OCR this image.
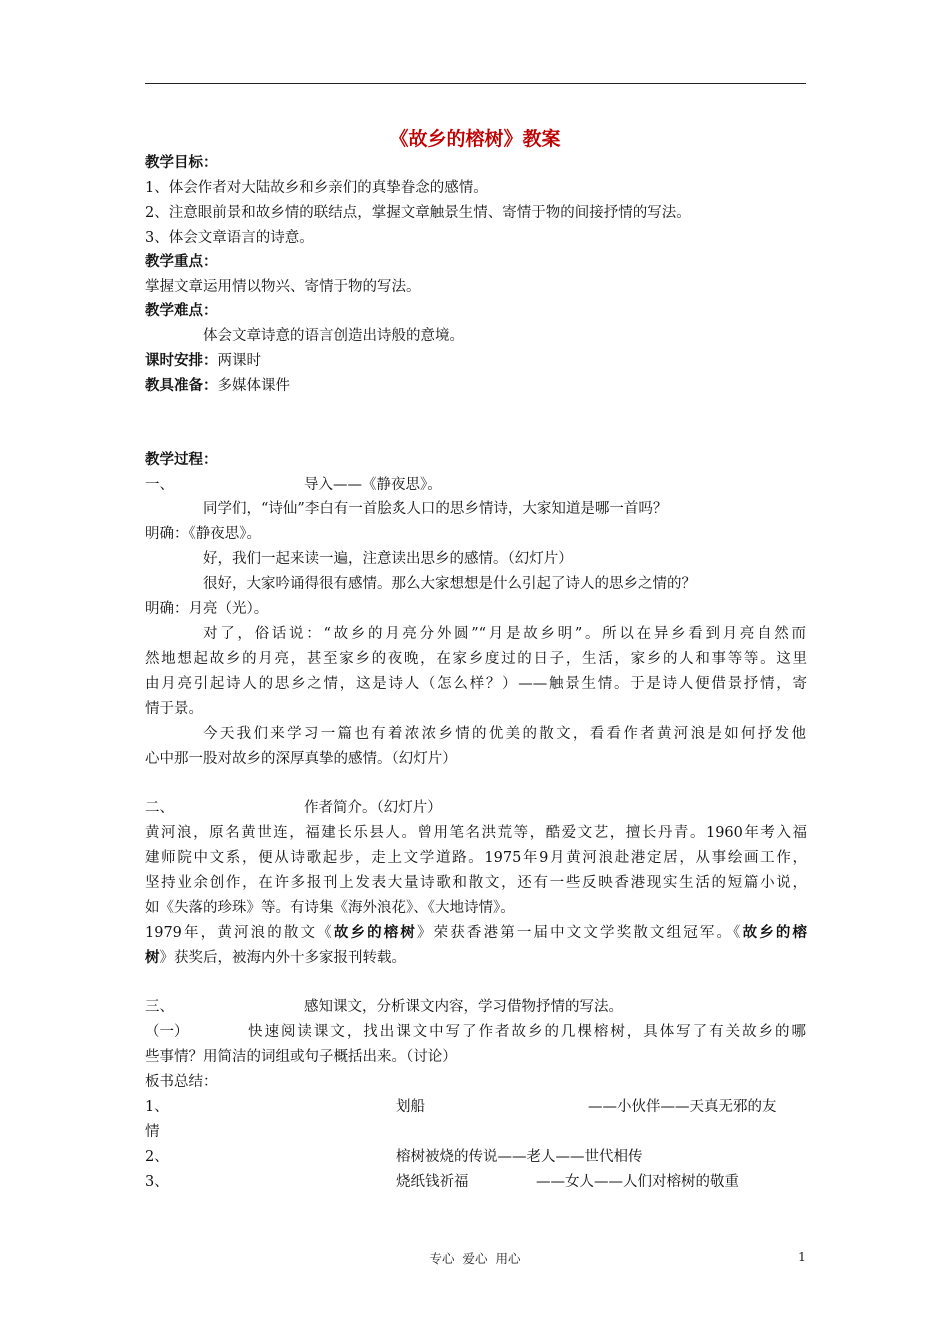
《故乡的榕树》教案
教学目标：
1、体会作者对大陆故乡和乡亲们的真挚眷念的感情。
2、注意眼前景和故乡情的联结点，掌握文章触景生情、寄情于物的间接抒情的写法。
3、体会文章语言的诗意。
教学重点：
掌握文章运用情以物兴、寄情于物的写法。
教学难点：
体会文章诗意的语言创造出诗般的意境。
课时安排：两课时
教具准备：多媒体课件
教学过程：
一、	导入——《静夜思》。
同学们，“诗仙”李白有一首脍炙人口的思乡情诗，大家知道是哪一首吗？
明确：《静夜思》。
好，我们一起来读一遍，注意读出思乡的感情。（幻灯片）
很好，大家吟诵得很有感情。那么大家想想是什么引起了诗人的思乡之情的？
明确：月亮（光）。
对了，俗话说：“故乡的月亮分外圆”“月是故乡明”。所以在异乡看到月亮自然而
然地想起故乡的月亮，甚至家乡的夜晚，在家乡度过的日子，生活，家乡的人和事等等。这里
由月亮引起诗人的思乡之情，这是诗人（怎么样？）——触景生情。于是诗人便借景抒情，寄
情于景。
今天我们来学习一篇也有着浓浓乡情的优美的散文，看看作者黄河浪是如何抒发他
心中那一股对故乡的深厚真挚的感情。（幻灯片）
二、	作者简介。（幻灯片）
黄河浪，原名黄世连，福建长乐县人。曾用笔名洪荒等，酷爱文艺，擅长丹青。1960年考入福
建师院中文系，便从诗歌起步，走上文学道路。1975年9月黄河浪赴港定居，从事绘画工作，
坚持业余创作，在许多报刊上发表大量诗歌和散文，还有一些反映香港现实生活的短篇小说，
如《失落的珍珠》等。有诗集《海外浪花》、《大地诗情》。
1979年，黄河浪的散文《故乡的榕树》荣获香港第一届中文文学奖散文组冠军。《故乡的榕
树》获奖后，被海内外十多家报刊转载。
三、	感知课文，分析课文内容，学习借物抒情的写法。
（一）	快速阅读课文，找出课文中写了作者故乡的几棵榕树，具体写了有关故乡的哪
些事情？用简洁的词组或句子概括出来。（讨论）
板书总结：
1、	划船	——小伙伴——天真无邪的友
情
2、	榕树被烧的传说——老人——世代相传
3、	烧纸钱祈福	——女人——人们对榕树的敬重
专心 爱心 用心	1
